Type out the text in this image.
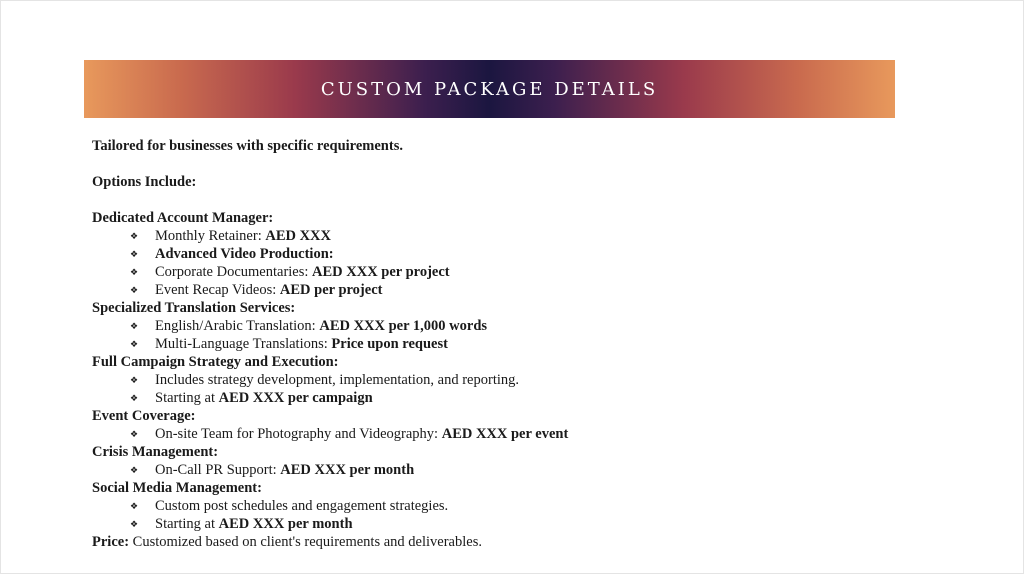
CUSTOM PACKAGE DETAILS
Tailored for businesses with specific requirements.
Options Include:
Dedicated Account Manager:
❖ Monthly Retainer: AED XXX
❖ Advanced Video Production:
❖ Corporate Documentaries: AED XXX per project
❖ Event Recap Videos: AED per project
Specialized Translation Services:
❖ English/Arabic Translation: AED XXX per 1,000 words
❖ Multi-Language Translations: Price upon request
Full Campaign Strategy and Execution:
❖ Includes strategy development, implementation, and reporting.
❖ Starting at AED XXX per campaign
Event Coverage:
❖ On-site Team for Photography and Videography: AED XXX per event
Crisis Management:
❖ On-Call PR Support: AED XXX per month
Social Media Management:
❖ Custom post schedules and engagement strategies.
❖ Starting at AED XXX per month
Price: Customized based on client's requirements and deliverables.
